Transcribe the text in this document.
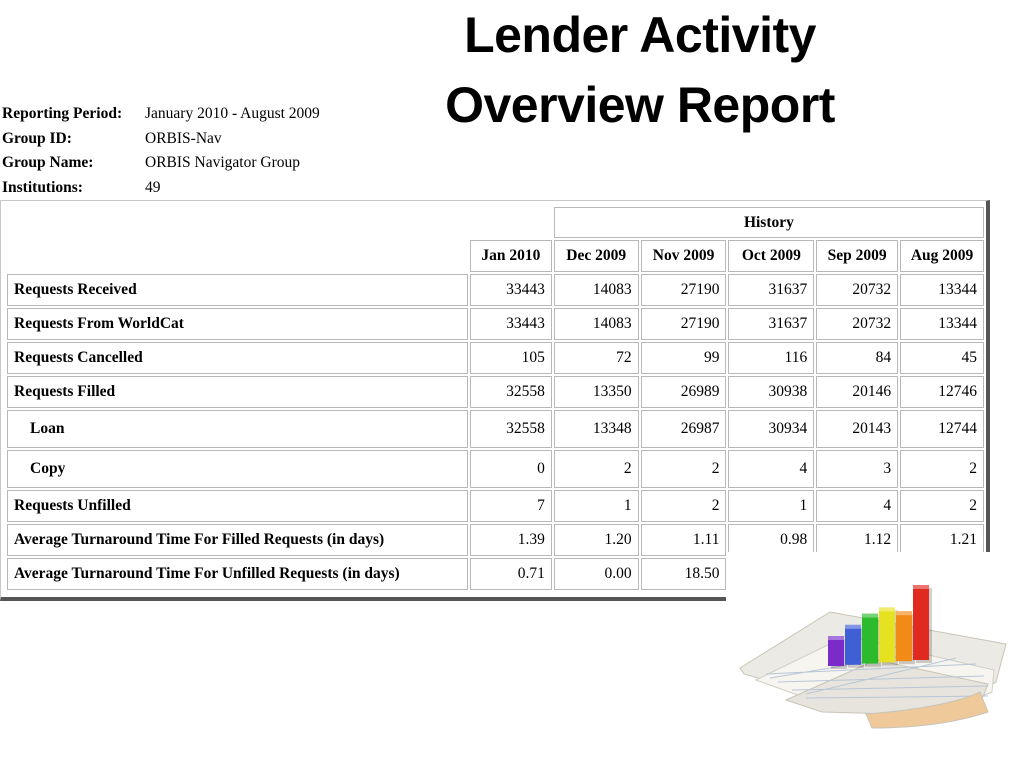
Lender Activity
Overview Report
Reporting Period:	January 2010 - August 2009
Group ID:	ORBIS-Nav
Group Name:	ORBIS Navigator Group
Institutions:	49
		History				
	Jan 2010	Dec 2009	Nov 2009	Oct 2009	Sep 2009	Aug 2009
Requests Received	33443	14083	27190	31637	20732	13344
Requests From WorldCat	33443	14083	27190	31637	20732	13344
Requests Cancelled	105	72	99	116	84	45
Requests Filled	32558	13350	26989	30938	20146	12746
Loan	32558	13348	26987	30934	20143	12744
Copy	0	2	2	4	3	2
Requests Unfilled	7	1	2	1	4	2
Average Turnaround Time For Filled Requests (in days)	1.39	1.20	1.11	0.98	1.12	1.21
Average Turnaround Time For Unfilled Requests (in days)	0.71	0.00	18.50			
